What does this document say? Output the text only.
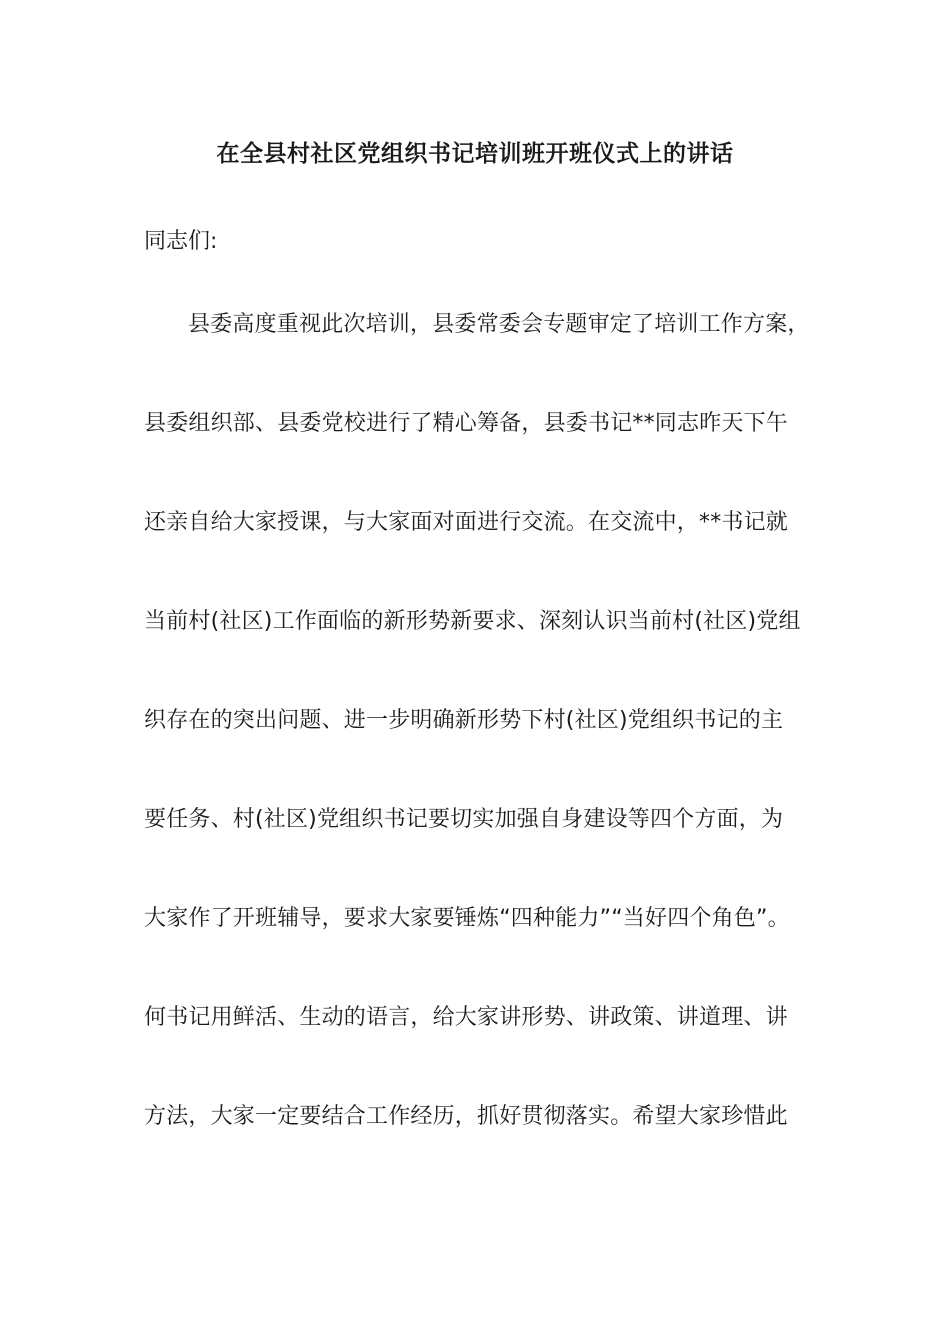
在全县村社区党组织书记培训班开班仪式上的讲话
同志们:
县委高度重视此次培训，县委常委会专题审定了培训工作方案，
县委组织部、县委党校进行了精心筹备，县委书记**同志昨天下午
还亲自给大家授课，与大家面对面进行交流。在交流中，**书记就
当前村(社区)工作面临的新形势新要求、深刻认识当前村(社区)党组
织存在的突出问题、进一步明确新形势下村(社区)党组织书记的主
要任务、村(社区)党组织书记要切实加强自身建设等四个方面，为
大家作了开班辅导，要求大家要锤炼“四种能力”“当好四个角色”。
何书记用鲜活、生动的语言，给大家讲形势、讲政策、讲道理、讲
方法，大家一定要结合工作经历，抓好贯彻落实。希望大家珍惜此
